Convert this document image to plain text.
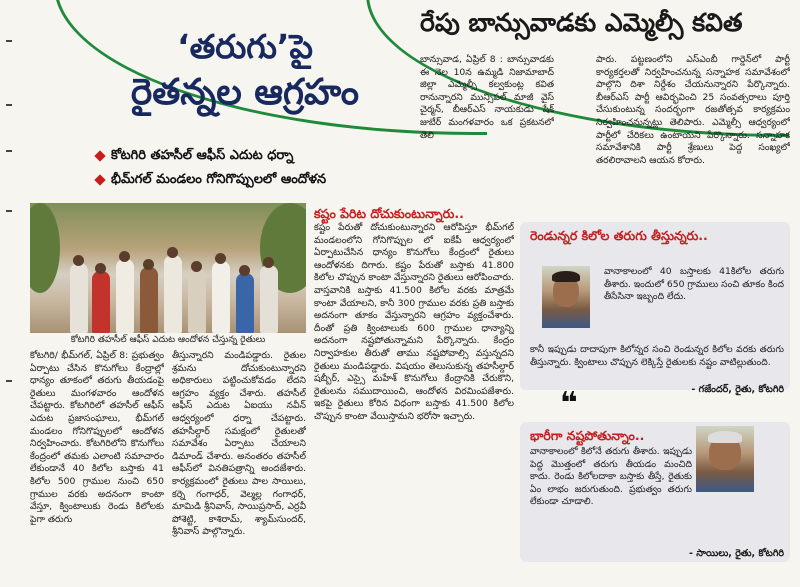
‘తరుగు’పై
రైతన్నల ఆగ్రహం
కోటగిరి తహసీల్ ఆఫీస్ ఎదుట ధర్నా
భీమ్‌గల్ మండలం గోనిగొప్పులలో ఆందోళన
కోటగిరి తహసీల్ ఆఫీస్ ఎదుట ఆందోళన చేస్తున్న రైతులు
కోటగిరి/ భీమ్‌గల్, ఏప్రిల్ 8: ప్రభుత్వం ఏర్పాటు చేసిన కొనుగోలు కేంద్రాల్లో ధాన్యం తూకంలో తరుగు తీయడంపై రైతులు మంగళవారం ఆందోళన చేపట్టారు. కోటగిరిలో తహసీల్ ఆఫీస్ ఎదుట ప్రజాసంఘాలు, భీమ్‌గల్ మండలం గోనిగొప్పులలో ఆందోళన నిర్వహించారు. కోటగిరిలోని కొనుగోలు కేంద్రంలో తమకు ఎలాంటి సమాచారం లేకుండానే 40 కిలోల బస్తాకు 41 కిలోల 500 గ్రాముల నుంచి 650 గ్రాముల వరకు అదనంగా కాంటా వేస్తూ, క్వింటాలుకు రెండు కిలోలకు పైగా తరుగు
తీస్తున్నారని మండిపడ్డారు. రైతుల శ్రమను దోచుకుంటున్నారని అధికారులు పట్టించుకోవడం లేదని ఆగ్రహం వ్యక్తం చేశారు. తహసీల్ ఆఫీస్ ఎదుట ఏఐయు నవీన్ ఆధ్వర్యంలో ధర్నా చేపట్టారు. తహసీల్దార్ సమక్షంలో రైతులతో సమావేశం ఏర్పాటు చేయాలని డిమాండ్ చేశారు. అనంతరం తహసీల్ ఆఫీస్‌లో వినతిపత్రాన్ని అందజేశారు. కార్యక్రమంలో రైతులు పాల సాయిలు, కర్నె గంగాధర్, వెల్మల్ల గంగాధర్, మామిడి శ్రీనివాస్, సాయిప్రసాద్, ఎర్రవీ పోశెట్టి, కాశిరామ్, శ్యామ్‌సుందర్, శ్రీనివాస్ పాల్గొన్నారు.
కష్టం పేరిట దోచుకుంటున్నారు..
కష్టం పేరుతో దోచుకుంటున్నారని ఆరోపిస్తూ భీమ్‌గల్ మండలంలోని గోనిగొప్పుల లో ఐకేపీ ఆధ్వర్యంలో ఏర్పాటుచేసిన ధాన్యం కొనుగోలు కేంద్రంలో రైతులు ఆందోళనకు దిగారు. కష్టం పేరుతో బస్తాకు 41.800 కిలోల చొప్పున కాంటా వేస్తున్నారని రైతులు ఆరోపించారు. వాస్తవానికి బస్తాకు 41.500 కిలోల వరకు మాత్రమే కాంటా వేయాలని, కానీ 300 గ్రాముల వరకు ప్రతి బస్తాకు అదనంగా తూకం వేస్తున్నారని ఆగ్రహం వ్యక్తంచేశారు. దీంతో ప్రతి క్వింటాలుకు 600 గ్రాముల ధాన్యాన్ని అదనంగా నష్టపోతున్నామని పేర్కొన్నారు. కేంద్రం నిర్వాహకుల తీరుతో తాము నష్టపోవాల్సి వస్తున్నదని రైతులు మండిపడ్డారు. విషయం తెలుసుకున్న తహసీల్దార్ షబ్బీర్, ఎస్సై మహేశ్ కొనుగోలు కేంద్రానికి చేరుకొని, రైతులను సముదాయించి, ఆందోళన విరమింపజేశారు. ఇకపై రైతులు కోరిన విధంగా బస్తాకు 41.500 కిలోల చొప్పున కాంటా వేయిస్తామని భరోసా ఇచ్చారు.
రేపు బాన్సువాడకు ఎమ్మెల్సీ కవిత
బాన్సువాడ, ఏప్రిల్ 8 : బాన్సువాడకు ఈ నెల 10న ఉమ్మడి నిజామాబాద్ జిల్లా ఎమ్మెల్సీ కల్వకుంట్ల కవిత రానున్నారని మున్సిపల్ మాజీ వైస్ చైర్మన్, బీఆర్‌ఎస్ నాయకుడు షేక్ జుబేర్ మంగళవారం ఒక ప్రకటనలో తెలి
పారు. పట్టణంలోని ఎస్‌ఎంబీ గార్డెన్‌లో పార్టీ కార్యకర్తలతో నిర్వహించనున్న సన్నాహక సమావేశంలో పాల్గొని దిశా నిర్దేశం చేయనున్నారని పేర్కొన్నారు. బీఆర్‌ఎస్ పార్టీ ఆవిర్భవించి 25 సంవత్సరాలు పూర్తి చేసుకుంటున్న సందర్భంగా రజతోత్సవ కార్యక్రమం నిర్వహించనున్నట్లు తెలిపారు. ఎమ్మెల్సీ ఆధ్వర్యంలో పార్టీలో చేరికలు ఉంటాయని పేర్కొన్నారు. సన్నాహక సమావేశానికి పార్టీ శ్రేణులు పెద్ద సంఖ్యలో తరలిరావాలని ఆయన కోరారు.
రెండున్నర కిలోల తరుగు తీస్తున్నరు..
వానాకాలంలో 40 బస్తాలకు 41కిలోల తరుగు తీశారు. ఇందులో 650 గ్రాములు సంచి తూకం కింద తీసేసినా ఇబ్బంది లేదు.
కానీ ఇప్పుడు దాదాపుగా కిలోన్నర సంచి రెండున్నర కిలోల వరకు తరుగు తీస్తున్నారు. క్వింటాలు చొప్పున లెక్కిస్తే రైతులకు నష్టం వాటిల్లుతుంది.
- గజేందర్, రైతు, కోటగిరి
❝
భారీగా నష్టపోతున్నాం..
వానాకాలంలో కిలోనే తరుగు తీశారు. ఇప్పుడు పెద్ద మొత్తంలో తరుగు తీయడం మంచిది కాదు. రెండు కిలోలదాకా బస్తాకు తీస్తే, రైతుకు ఏం లాభం జరుగుతుంది. ప్రభుత్వం తరుగు లేకుండా చూడాలి.
- సాయిలు, రైతు, కోటగిరి
